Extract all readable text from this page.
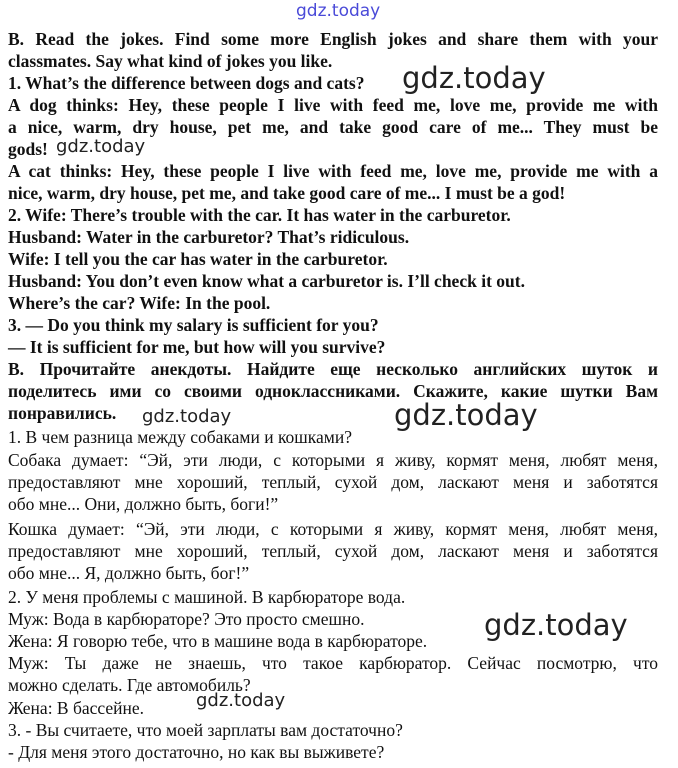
B. Read the jokes. Find some more English jokes and share them with your
classmates. Say what kind of jokes you like.
1. What’s the difference between dogs and cats?
A dog thinks: Hey, these people I live with feed me, love me, provide me with
a nice, warm, dry house, pet me, and take good care of me... They must be
gods!
A cat thinks: Hey, these people I live with feed me, love me, provide me with a
nice, warm, dry house, pet me, and take good care of me... I must be a god!
2. Wife: There’s trouble with the car. It has water in the carburetor.
Husband: Water in the carburetor? That’s ridiculous.
Wife: I tell you the car has water in the carburetor.
Husband: You don’t even know what a carburetor is. I’ll check it out.
Where’s the car? Wife: In the pool.
3. — Do you think my salary is sufficient for you?
— It is sufficient for me, but how will you survive?
В. Прочитайте анекдоты. Найдите еще несколько английских шуток и
поделитесь ими со своими одноклассниками. Скажите, какие шутки Вам
понравились.
1. В чем разница между собаками и кошками?
Собака думает: “Эй, эти люди, с которыми я живу, кормят меня, любят меня,
предоставляют мне хороший, теплый, сухой дом, ласкают меня и заботятся
обо мне... Они, должно быть, боги!”
Кошка думает: “Эй, эти люди, с которыми я живу, кормят меня, любят меня,
предоставляют мне хороший, теплый, сухой дом, ласкают меня и заботятся
обо мне... Я, должно быть, бог!”
2. У меня проблемы с машиной. В карбюраторе вода.
Муж: Вода в карбюраторе? Это просто смешно.
Жена: Я говорю тебе, что в машине вода в карбюраторе.
Муж: Ты даже не знаешь, что такое карбюратор. Сейчас посмотрю, что
можно сделать. Где автомобиль?
Жена: В бассейне.
3. - Вы считаете, что моей зарплаты вам достаточно?
- Для меня этого достаточно, но как вы выживете?
gdz.today
gdz.today
gdz.today
gdz.today	gdz.today
gdz.today
gdz.today
